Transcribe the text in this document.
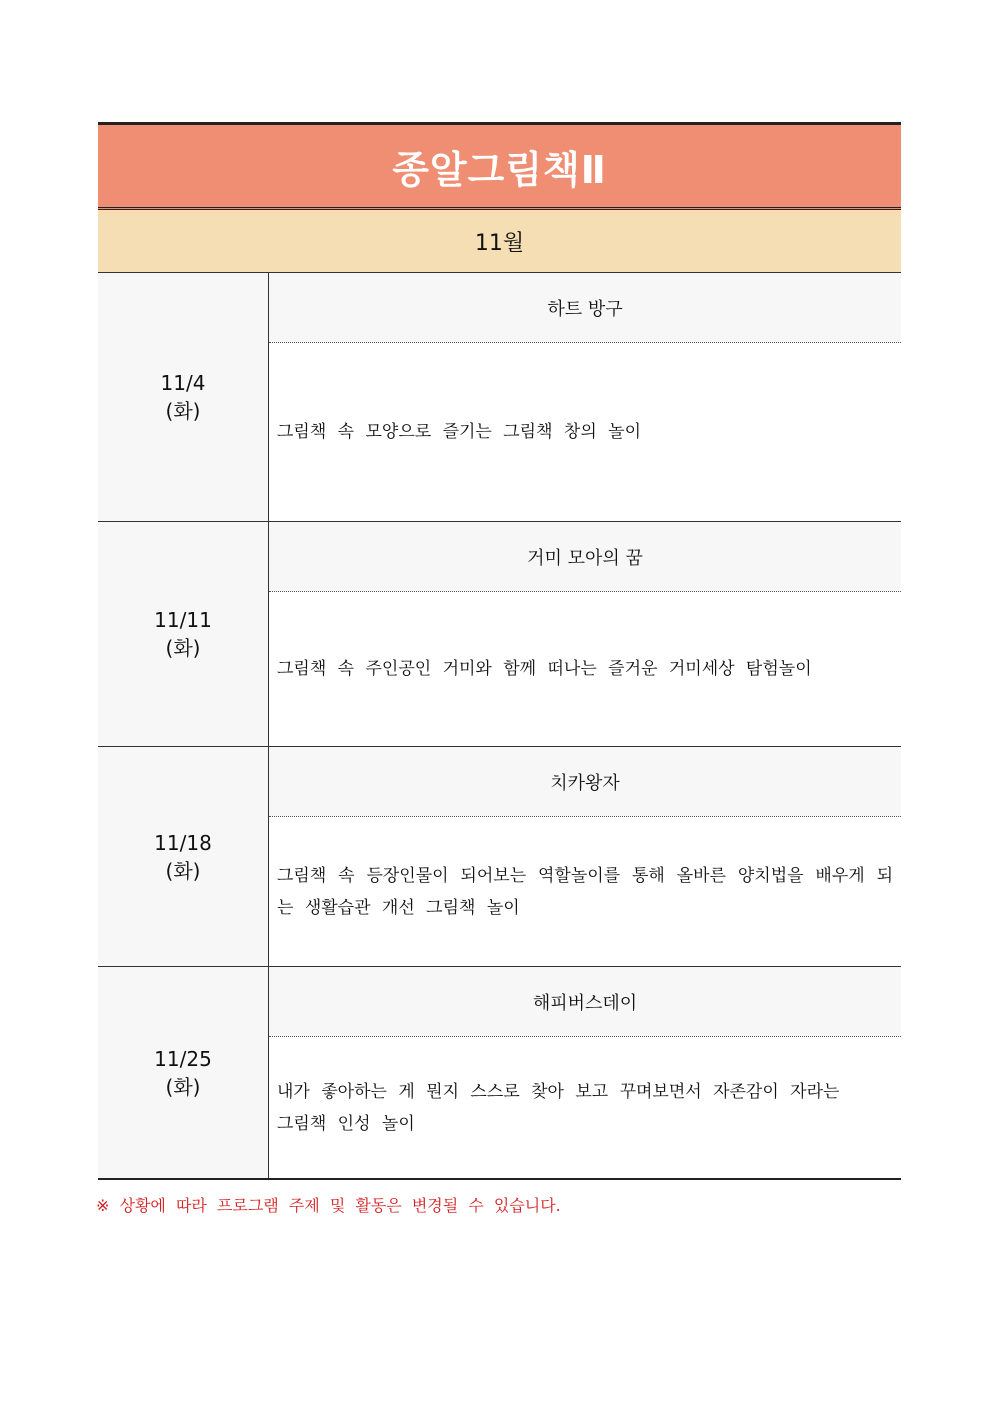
종알그림책Ⅱ
11월
11/4
(화)
하트 방구
그림책 속 모양으로 즐기는 그림책 창의 놀이
11/11
(화)
거미 모아의 꿈
그림책 속 주인공인 거미와 함께 떠나는 즐거운 거미세상 탐험놀이
11/18
(화)
치카왕자
그림책 속 등장인물이 되어보는 역할놀이를 통해 올바른 양치법을 배우게 되는 생활습관 개선 그림책 놀이
11/25
(화)
해피버스데이
내가 좋아하는 게 뭔지 스스로 찾아 보고 꾸며보면서 자존감이 자라는
그림책 인성 놀이
※ 상황에 따라 프로그램 주제 및 활동은 변경될 수 있습니다.
